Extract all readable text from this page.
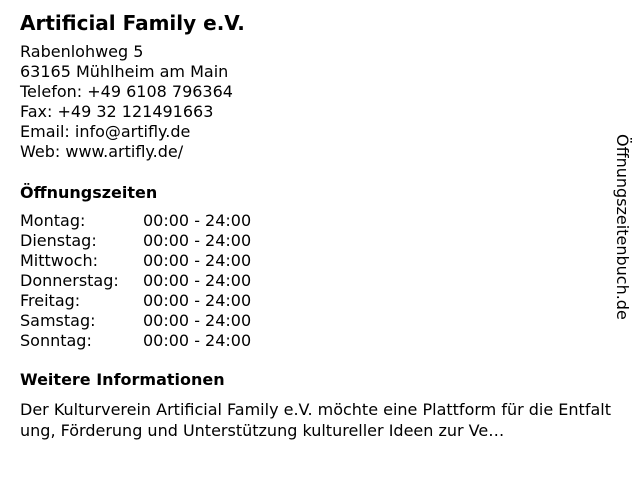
Artificial Family e.V.
Rabenlohweg 5
63165 Mühlheim am Main
Telefon: +49 6108 796364
Fax: +49 32 121491663
Email: info@artifly.de
Web: www.artifly.de/
Öffnungszeiten
Montag:	00:00 - 24:00
Dienstag:	00:00 - 24:00
Mittwoch:	00:00 - 24:00
Donnerstag:	00:00 - 24:00
Freitag:	00:00 - 24:00
Samstag:	00:00 - 24:00
Sonntag:	00:00 - 24:00
Weitere Informationen
Der Kulturverein Artificial Family e.V. möchte eine Plattform für die Entfaltung, Förderung und Unterstützung kultureller Ideen zur Ve…
Öffnungszeitenbuch.de
